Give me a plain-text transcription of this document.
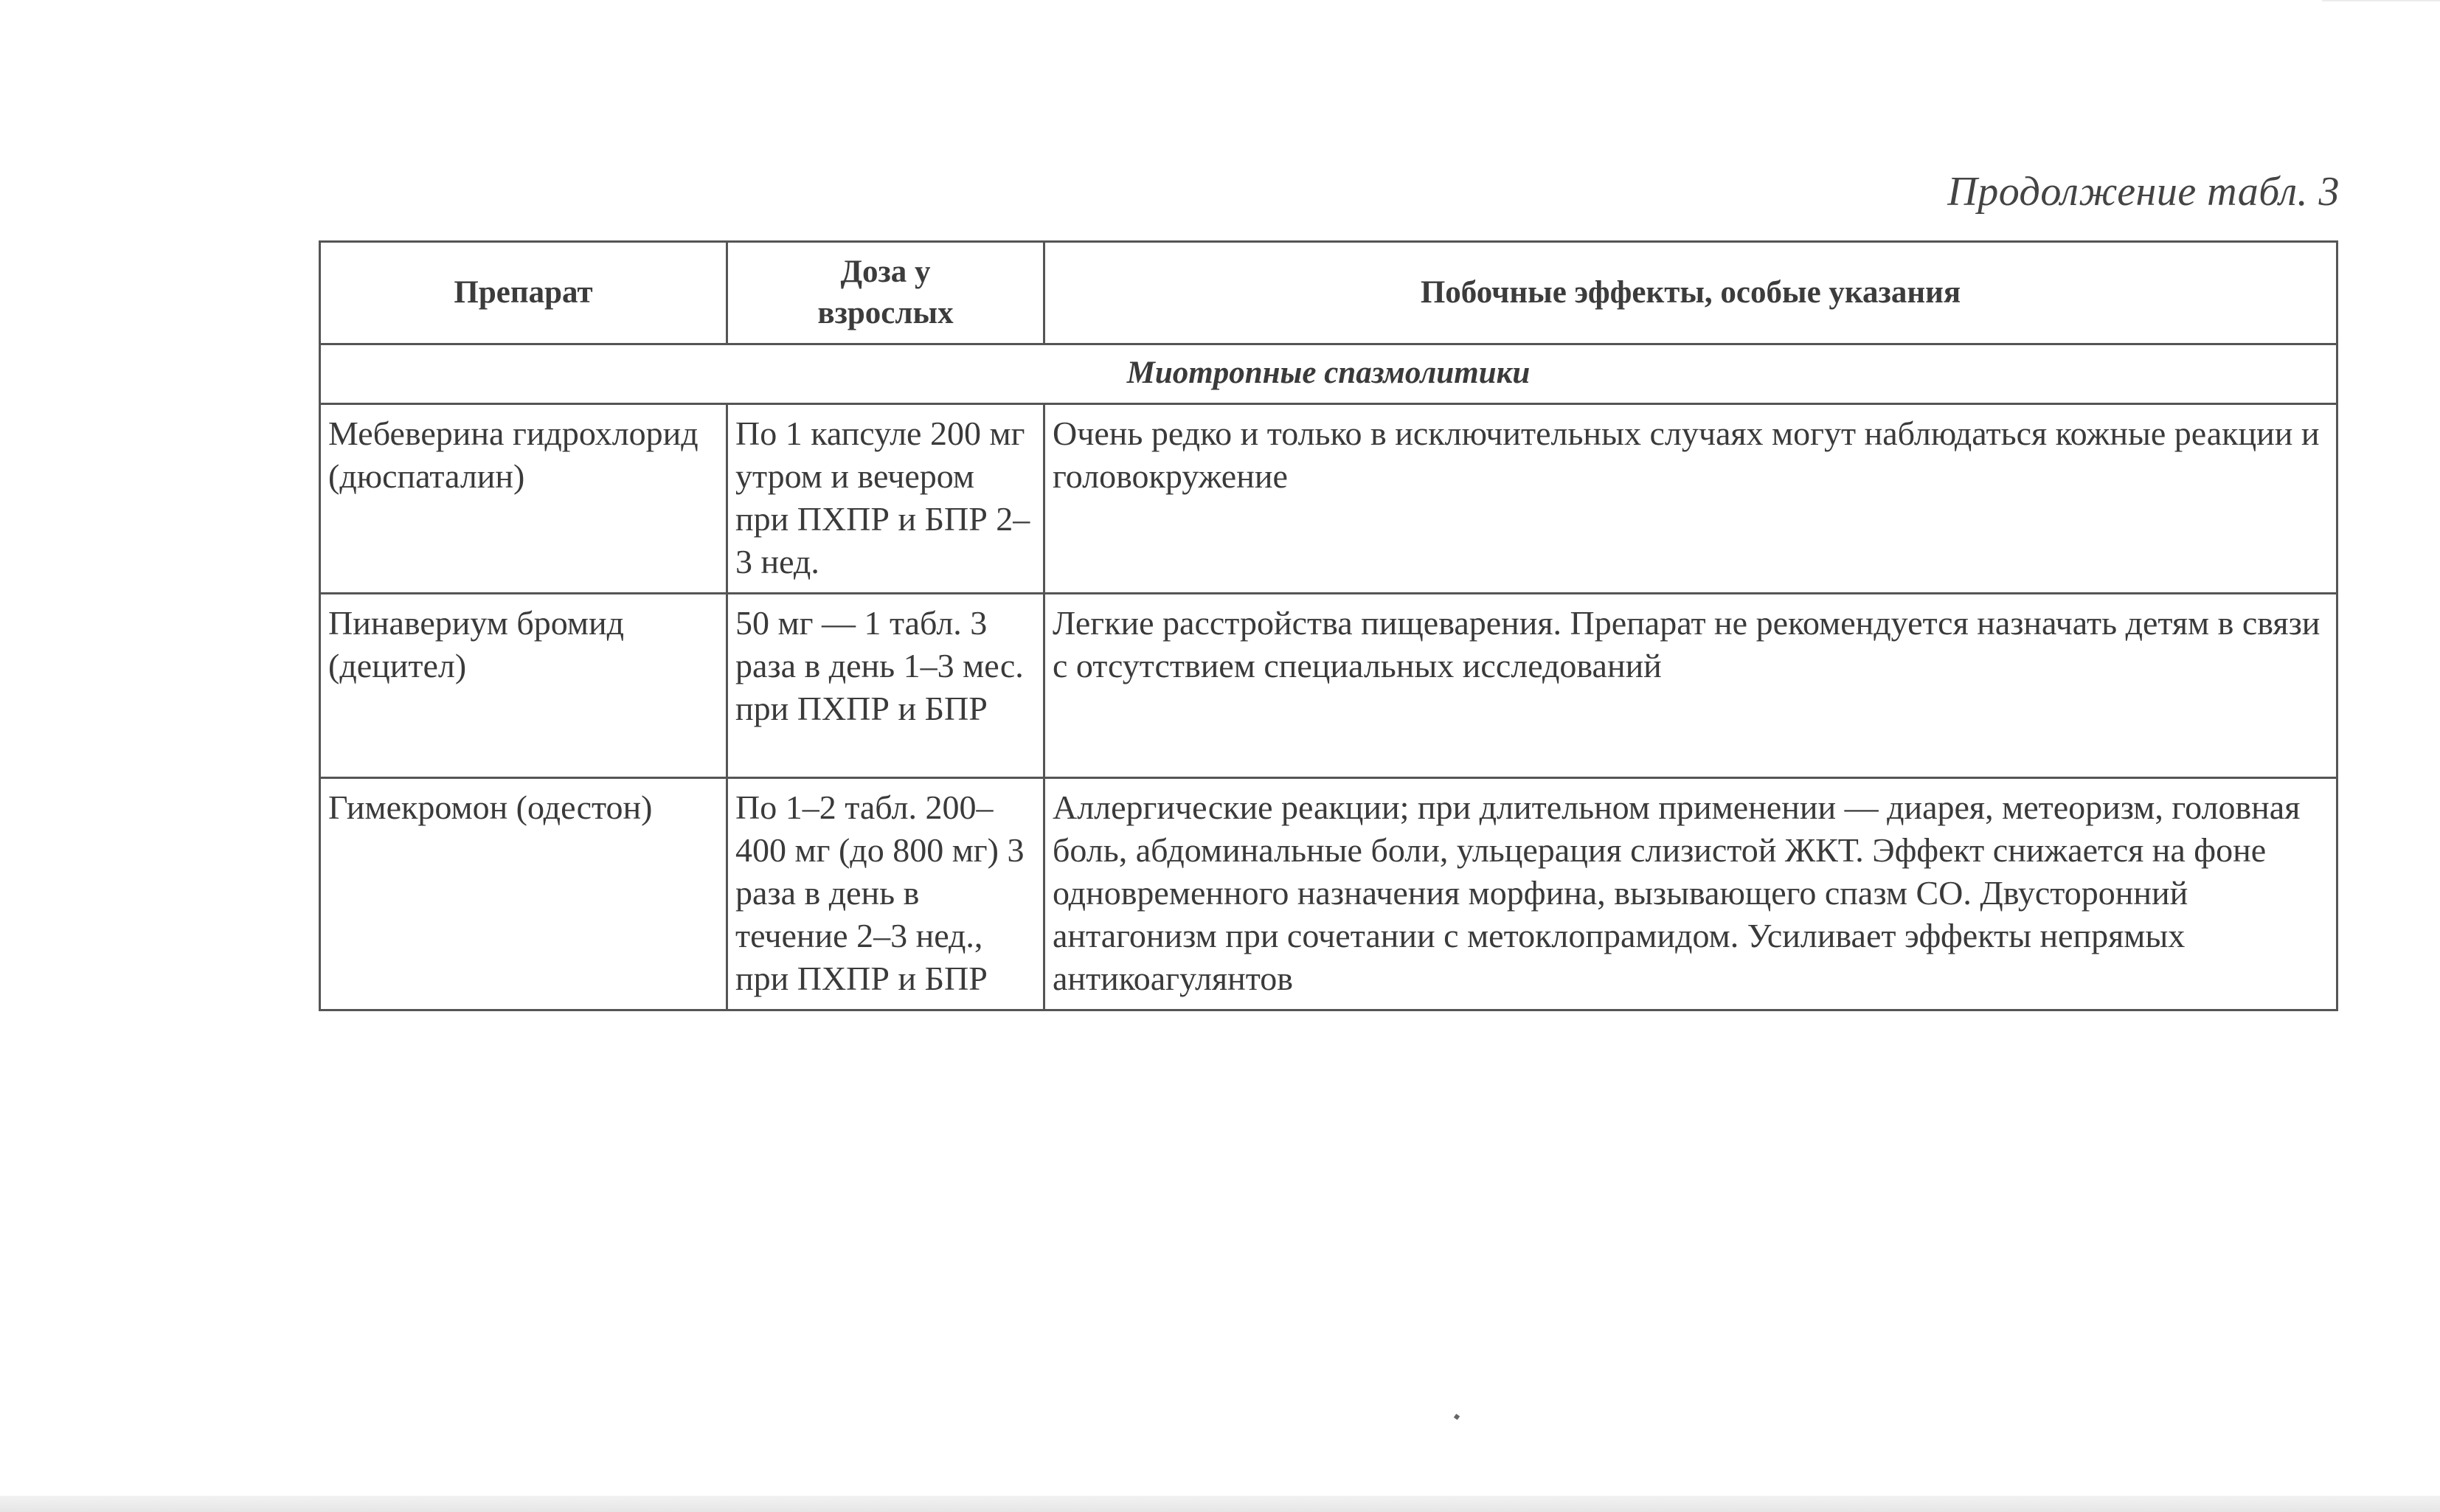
Продолжение табл. 3
Препарат	Доза у взрослых	Побочные эффекты, особые указания
Миотропные спазмолитики		
Мебеверина гидрохлорид (дюспаталин)	По 1 капсуле 200 мг утром и вечером при ПХПР и БПР 2–3 нед.	Очень редко и только в исключительных случаях могут наблюдаться кожные реакции и головокружение
Пинавериум бромид (децител)	50 мг — 1 табл. 3 раза в день 1–3 мес. при ПХПР и БПР	Легкие расстройства пищеварения. Препарат не рекомендуется назначать детям в связи с отсутствием специальных исследований
Гимекромон (одестон)	По 1–2 табл. 200–400 мг (до 800 мг) 3 раза в день в течение 2–3 нед., при ПХПР и БПР	Аллергические реакции; при длительном применении — диарея, метеоризм, головная боль, абдоминальные боли, ульцерация слизистой ЖКТ. Эффект снижается на фоне одновременного назначения морфина, вызывающего спазм СО. Двусторонний антагонизм при сочетании с метоклопрамидом. Усиливает эффекты непрямых антикоагулянтов
